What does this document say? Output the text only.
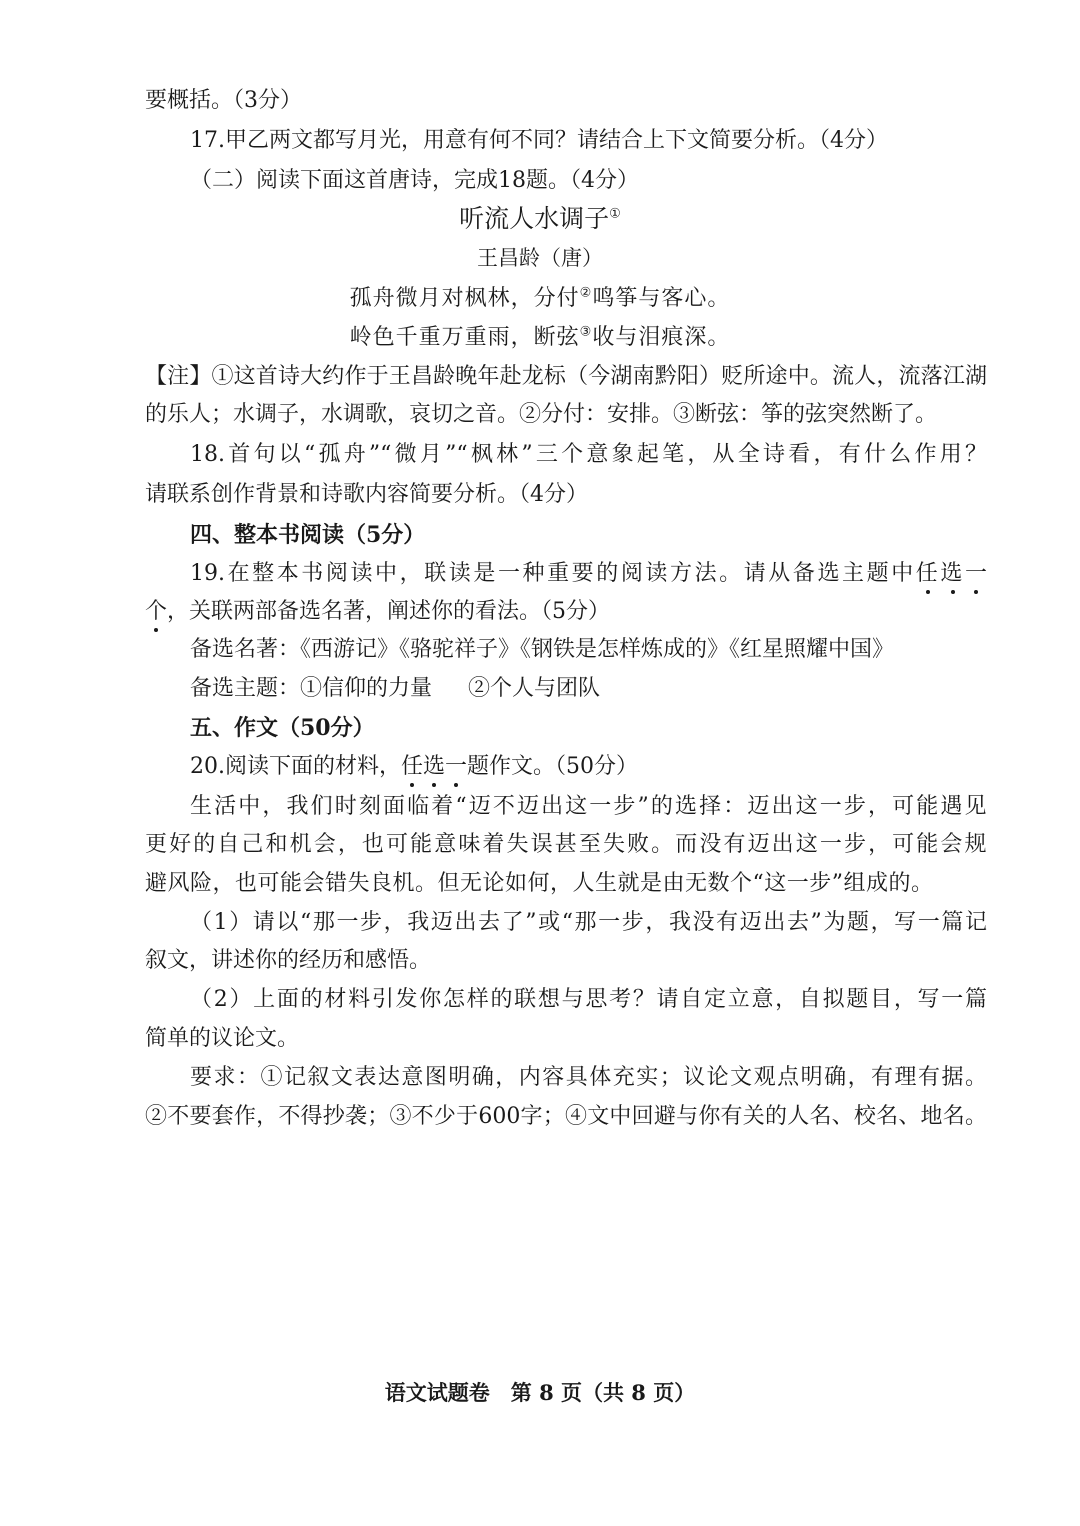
要概括。（3分）
17.甲乙两文都写月光，用意有何不同？请结合上下文简要分析。（4分）
（二）阅读下面这首唐诗，完成18题。（4分）
听流人水调子①
王昌龄（唐）
孤舟微月对枫林，分付②鸣筝与客心。
岭色千重万重雨，断弦③收与泪痕深。
【注】①这首诗大约作于王昌龄晚年赴龙标（今湖南黔阳）贬所途中。流人，流落江湖
的乐人；水调子，水调歌，哀切之音。②分付：安排。③断弦：筝的弦突然断了。
18.首句以“孤舟”“微月”“枫林”三个意象起笔，从全诗看，有什么作用？
请联系创作背景和诗歌内容简要分析。（4分）
四、整本书阅读（5分）
19.在整本书阅读中，联读是一种重要的阅读方法。请从备选主题中任选一
个，关联两部备选名著，阐述你的看法。（5分）
备选名著：《西游记》《骆驼祥子》《钢铁是怎样炼成的》《红星照耀中国》
备选主题：①信仰的力量 ②个人与团队
五、作文（50分）
20.阅读下面的材料，任选一题作文。（50分）
生活中，我们时刻面临着“迈不迈出这一步”的选择：迈出这一步，可能遇见
更好的自己和机会，也可能意味着失误甚至失败。而没有迈出这一步，可能会规
避风险，也可能会错失良机。但无论如何，人生就是由无数个“这一步”组成的。
（1）请以“那一步，我迈出去了”或“那一步，我没有迈出去”为题，写一篇记
叙文，讲述你的经历和感悟。
（2）上面的材料引发你怎样的联想与思考？请自定立意，自拟题目，写一篇
简单的议论文。
要求：①记叙文表达意图明确，内容具体充实；议论文观点明确，有理有据。
②不要套作，不得抄袭；③不少于600字；④文中回避与你有关的人名、校名、地名。
语文试题卷　第 8 页（共 8 页）
